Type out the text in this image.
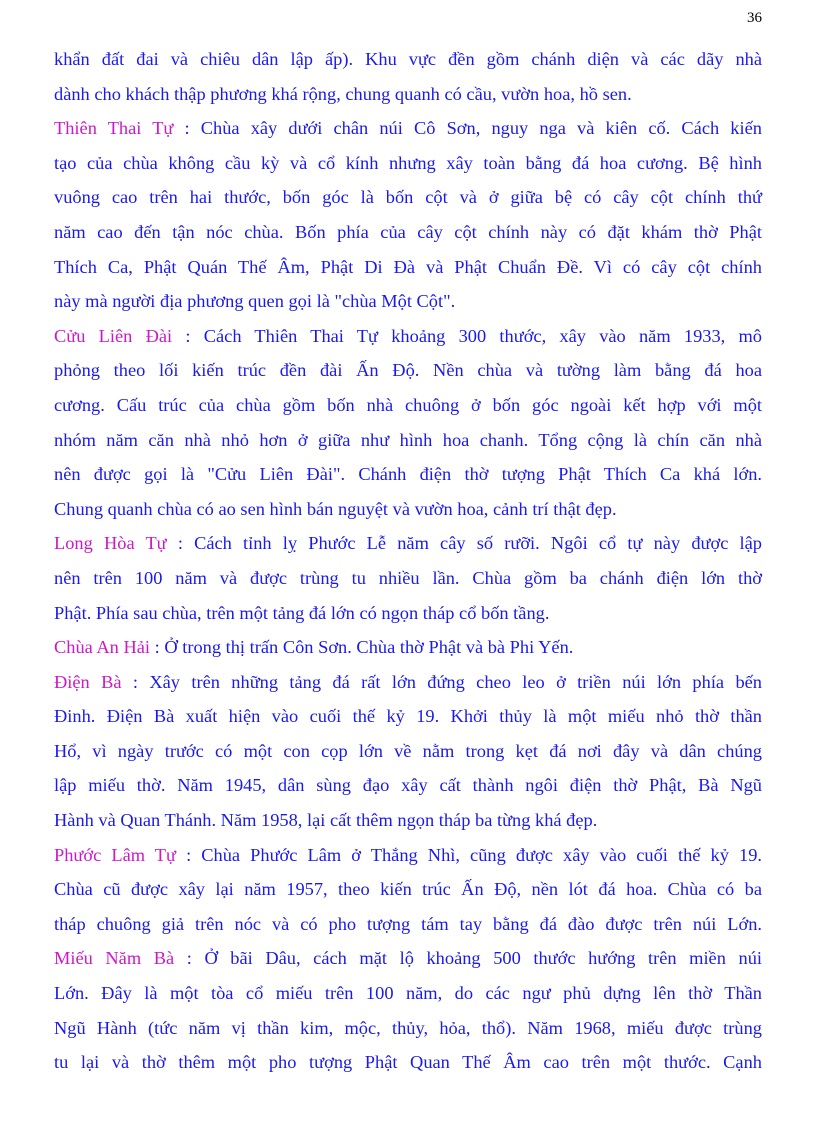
36
khẩn đất đai và chiêu dân lập ấp). Khu vực đền gồm chánh diện và các dãy nhà
dành cho khách thập phương khá rộng, chung quanh có cầu, vườn hoa, hồ sen.
Thiên Thai Tự : Chùa xây dưới chân núi Cô Sơn, nguy nga và kiên cố. Cách kiến
tạo của chùa không cầu kỳ và cổ kính nhưng xây toàn bằng đá hoa cương. Bệ hình
vuông cao trên hai thước, bốn góc là bốn cột và ở giữa bệ có cây cột chính thứ
năm cao đến tận nóc chùa. Bốn phía của cây cột chính này có đặt khám thờ Phật
Thích Ca, Phật Quán Thế Âm, Phật Di Đà và Phật Chuẩn Đề. Vì có cây cột chính
này mà người địa phương quen gọi là "chùa Một Cột".
Cửu Liên Đài : Cách Thiên Thai Tự khoảng 300 thước, xây vào năm 1933, mô
phỏng theo lối kiến trúc đền đài Ấn Độ. Nền chùa và tường làm bằng đá hoa
cương. Cấu trúc của chùa gồm bốn nhà chuông ở bốn góc ngoài kết hợp với một
nhóm năm căn nhà nhỏ hơn ở giữa như hình hoa chanh. Tổng cộng là chín căn nhà
nên được gọi là "Cửu Liên Đài". Chánh điện thờ tượng Phật Thích Ca khá lớn.
Chung quanh chùa có ao sen hình bán nguyệt và vườn hoa, cảnh trí thật đẹp.
Long Hòa Tự : Cách tỉnh lỵ Phước Lễ năm cây số rưỡi. Ngôi cổ tự này được lập
nên trên 100 năm và được trùng tu nhiều lần. Chùa gồm ba chánh điện lớn thờ
Phật. Phía sau chùa, trên một tảng đá lớn có ngọn tháp cổ bốn tầng.
Chùa An Hải : Ở trong thị trấn Côn Sơn. Chùa thờ Phật và bà Phi Yến.
Điện Bà : Xây trên những tảng đá rất lớn đứng cheo leo ở triền núi lớn phía bến
Đinh. Điện Bà xuất hiện vào cuối thế kỷ 19. Khởi thủy là một miếu nhỏ thờ thần
Hổ, vì ngày trước có một con cọp lớn về nằm trong kẹt đá nơi đây và dân chúng
lập miếu thờ. Năm 1945, dân sùng đạo xây cất thành ngôi điện thờ Phật, Bà Ngũ
Hành và Quan Thánh. Năm 1958, lại cất thêm ngọn tháp ba từng khá đẹp.
Phước Lâm Tự : Chùa Phước Lâm ở Thắng Nhì, cũng được xây vào cuối thế kỷ 19.
Chùa cũ được xây lại năm 1957, theo kiến trúc Ấn Độ, nền lót đá hoa. Chùa có ba
tháp chuông giả trên nóc và có pho tượng tám tay bằng đá đào được trên núi Lớn.
Miếu Năm Bà : Ở bãi Dâu, cách mặt lộ khoảng 500 thước hướng trên miền núi
Lớn. Đây là một tòa cổ miếu trên 100 năm, do các ngư phủ dựng lên thờ Thần
Ngũ Hành (tức năm vị thần kim, mộc, thủy, hỏa, thổ). Năm 1968, miếu được trùng
tu lại và thờ thêm một pho tượng Phật Quan Thế Âm cao trên một thước. Cạnh
